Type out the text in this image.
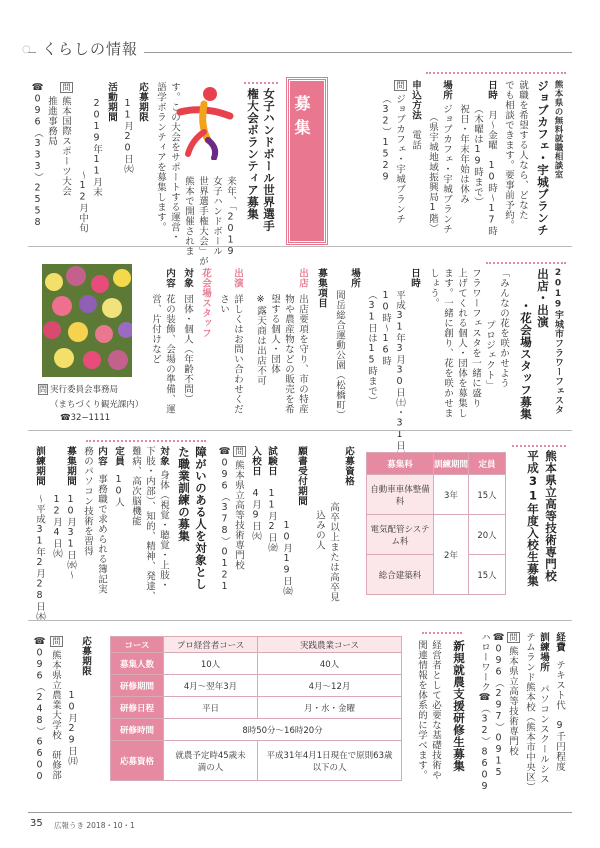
くらしの情報
○
熊本県の無料就職相談室
ジョブカフェ・宇城ブランチ
就職を希望する人なら、どなた
でも相談できます。要事前予約。
日時
月〜金曜　10時〜17時
（木曜は19時まで）
祝日・年末年始は休み
場所
ジョブカフェ・宇城ブランチ
（県宇城地域振興局1階）
申込方法
電話
問
ジョブカフェ・宇城ブランチ
（32）1529
募集
女子ハンドボール世界選手
権大会ボランティア募集
来年、「2019
女子ハンドボール
世界選手権大会」が
熊本で開催されま
す。この大会をサポートする運営・
語学ボランティアを募集します。
応募期限
11月20日㈫
活動期間
2019年11月末
〜12月中旬
問
熊本国際スポーツ大会
推進事務局
☎096（333）2558
2019宇城市フラワーフェスタ
出店・出演
・花会場スタッフ募集
「みんなの花を咲かせよう
プロジェクト」
フラワーフェスタを一緒に盛り
上げてくれる個人・団体を募集し
ます。一緒に創り、花を咲かせま
しょう。
日時
平成31年3月30日㈯・31日㈰
10時〜16時
（31日は15時まで）
場所
岡岳総合運動公園（松橋町）
募集項目
出店
出店要項を守り、市の特産
物や農産物などの販売を希
望する個人・団体
※露天商は出店不可
出演
詳しくはお問い合わせくだ
さい
花会場スタッフ
対象
団体・個人（年齢不問）
内容
花の装飾、会場の準備、運
営、片付けなど
問 実行委員会事務局
（まちづくり観光課内）
☎32−1111
熊本県立高等技術専門校
平成31年度入校生募集
募集科	訓練期間	定員
自動車車体整備科	3年	15人
電気配管システム科	2年	20人
総合建築科		15人
応募資格
高卒以上または高卒見
込みの人
願書受付期間
10月19日㈮
試験日
11月2日㈮
入校日
4月9日㈫
問
熊本県立高等技術専門校
☎096（378）0121
障がいのある人を対象とし
た職業訓練の募集
対象
身体（視覚・聴覚・上肢・
下肢・内部）、知的、精神、発達、
難病、高次脳機能
定員
10人
内容
事務職で求められる簿記実
務のパソコン技術を習得
募集期間
10月31日㈬〜
12月4日㈫
訓練期間
〜平成31年2月28日㈭
経費
テキスト代　9千円程度
訓練場所
パソコンスクールシス
テムランド熊本校（熊本市中央区）
問
熊本県立高等技術専門校
☎096（297）0915
ハローワーク☎（32）8609
新規就農支援研修生募集
経営者として必要な基礎技術や
関連情報を体系的に学べます。
コース	プロ経営者コース	実践農業コース
募集人数	10人	40人
研修期間	4月〜翌年3月	4月〜12月
研修日程	平日	月・水・金曜
研修時間	8時50分〜16時20分	
応募資格	就農予定時45歳未満の人	平成31年4月1日現在で原則63歳以下の人
応募期限
10月29日㈪
問
熊本県立農業大学校　研修部
☎096（248）6600
35 広報うき 2018・10・1
